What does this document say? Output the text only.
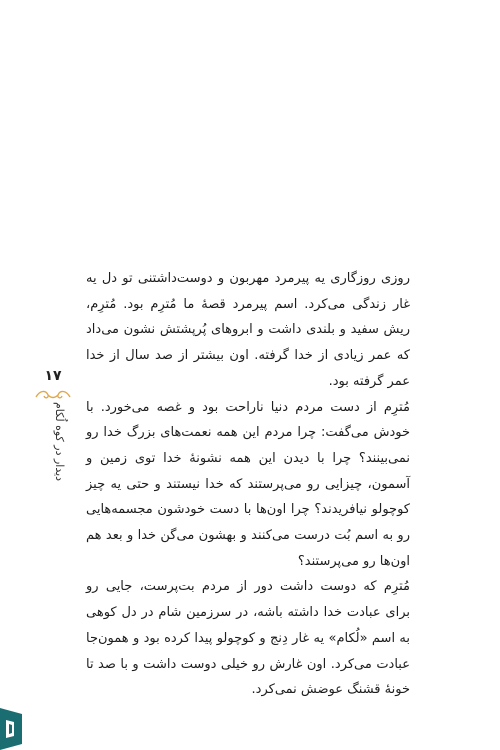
۱۷
دیدار در کوه لُکام

روزی روزگاری یه پیرمرد مهربون و دوست‌داشتنی تو دل یه غار زندگی می‌کرد. اسم پیرمرد قصهٔ ما مُترِم بود. مُترِم، ریش سفید و بلندی داشت و ابروهای پُرپشتش نشون می‌داد که عمر زیادی از خدا گرفته. اون بیشتر از صد سال از خدا عمر گرفته بود.

مُترِم از دست مردم دنیا ناراحت بود و غصه می‌خورد. با خودش می‌گفت: چرا مردم این همه نعمت‌های بزرگ خدا رو نمی‌بینند؟ چرا با دیدن این همه نشونهٔ خدا توی زمین و آسمون، چیزایی رو می‌پرستند که خدا نیستند و حتی یه چیز کوچولو نیافریدند؟ چرا اون‌ها با دست خودشون مجسمه‌هایی رو به اسم بُت درست می‌کنند و بهشون می‌گن خدا و بعد هم اون‌ها رو می‌پرستند؟

مُترِم که دوست داشت دور از مردم بت‌پرست، جایی رو برای عبادت خدا داشته باشه، در سرزمین شام در دل کوهی به اسم «لُکام» یه غار دِنج و کوچولو پیدا کرده بود و همون‌جا عبادت می‌کرد. اون غارش رو خیلی دوست داشت و با صد تا خونهٔ قشنگ عوضش نمی‌کرد.
